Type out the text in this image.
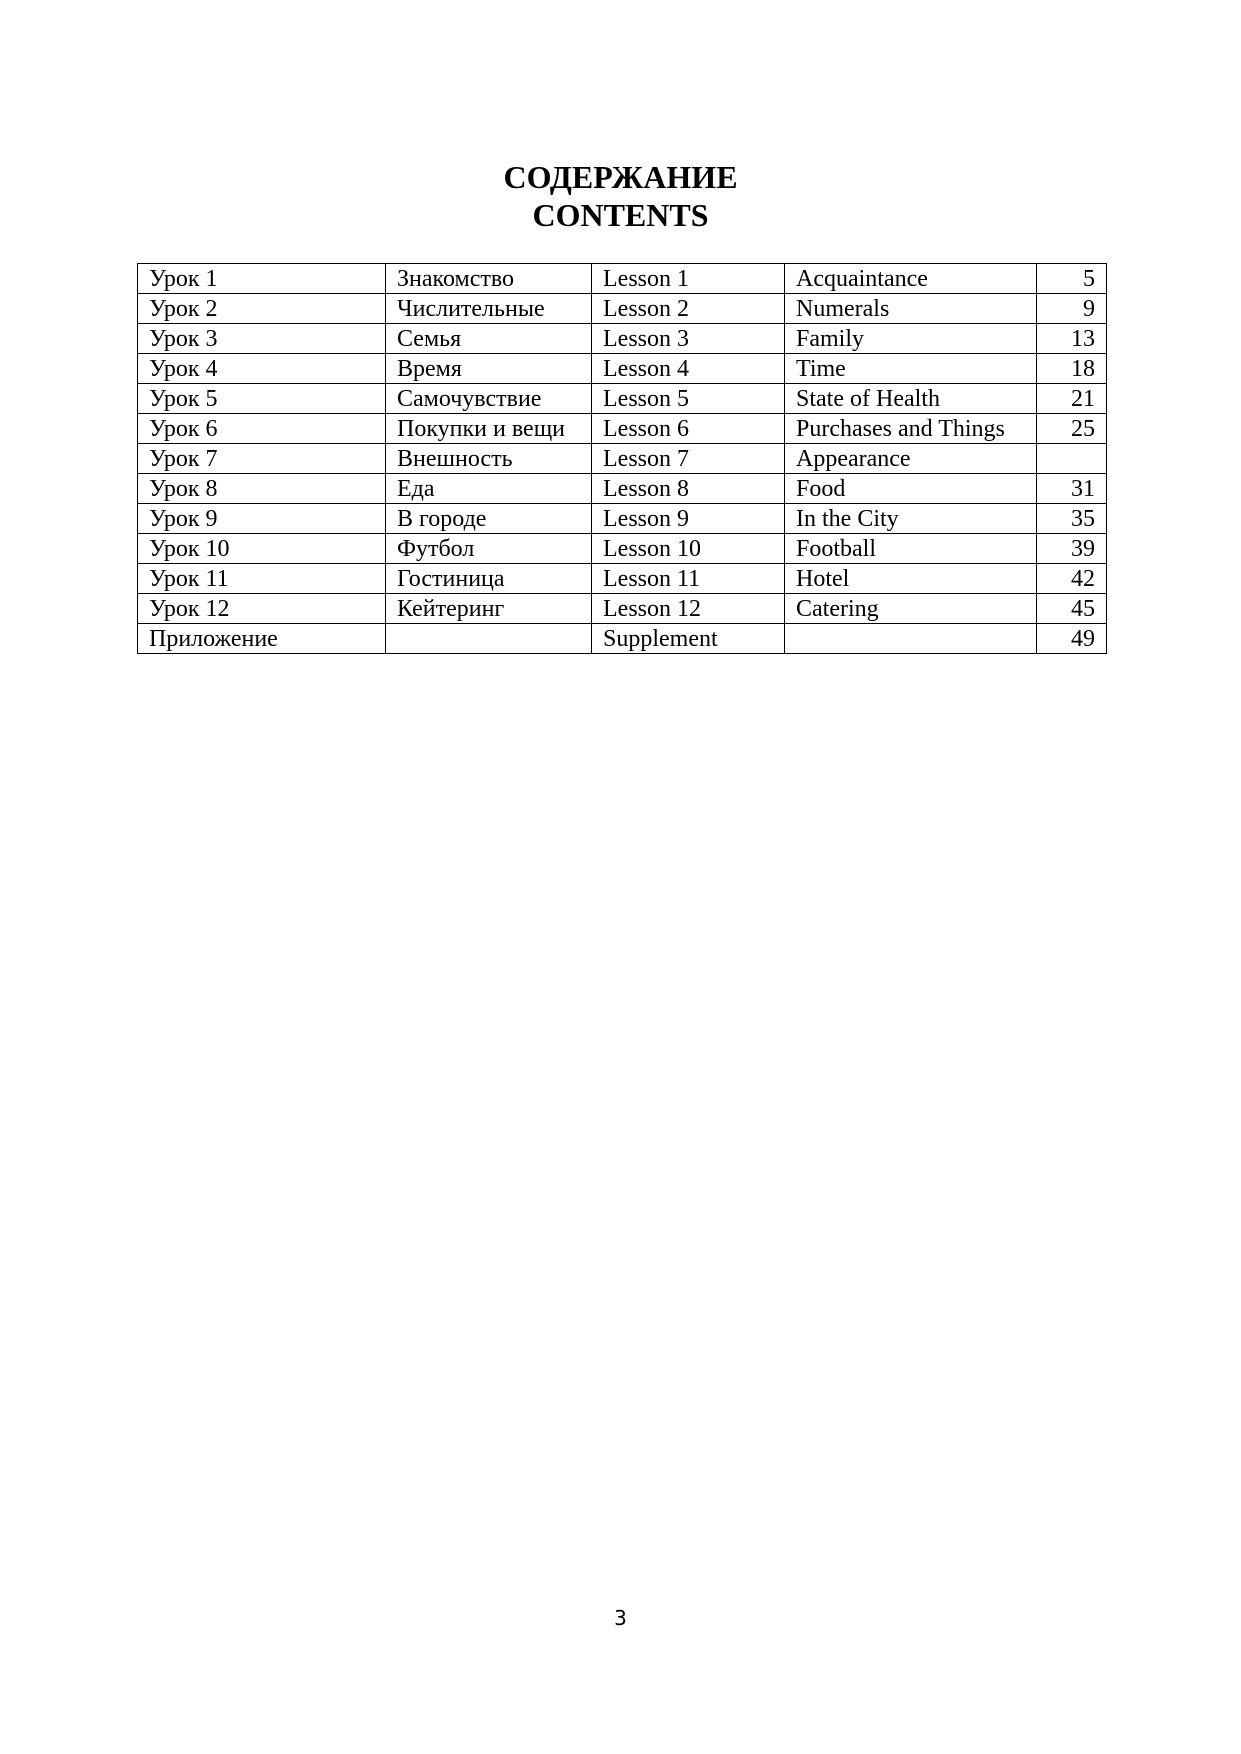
СОДЕРЖАНИЕ
CONTENTS
Урок 1	Знакомство	Lesson 1	Acquaintance	5
Урок 2	Числительные	Lesson 2	Numerals	9
Урок 3	Семья	Lesson 3	Family	13
Урок 4	Время	Lesson 4	Time	18
Урок 5	Самочувствие	Lesson 5	State of Health	21
Урок 6	Покупки и вещи	Lesson 6	Purchases and Things	25
Урок 7	Внешность	Lesson 7	Appearance	
Урок 8	Еда	Lesson 8	Food	31
Урок 9	В городе	Lesson 9	In the City	35
Урок 10	Футбол	Lesson 10	Football	39
Урок 11	Гостиница	Lesson 11	Hotel	42
Урок 12	Кейтеринг	Lesson 12	Catering	45
Приложение		Supplement		49
3
